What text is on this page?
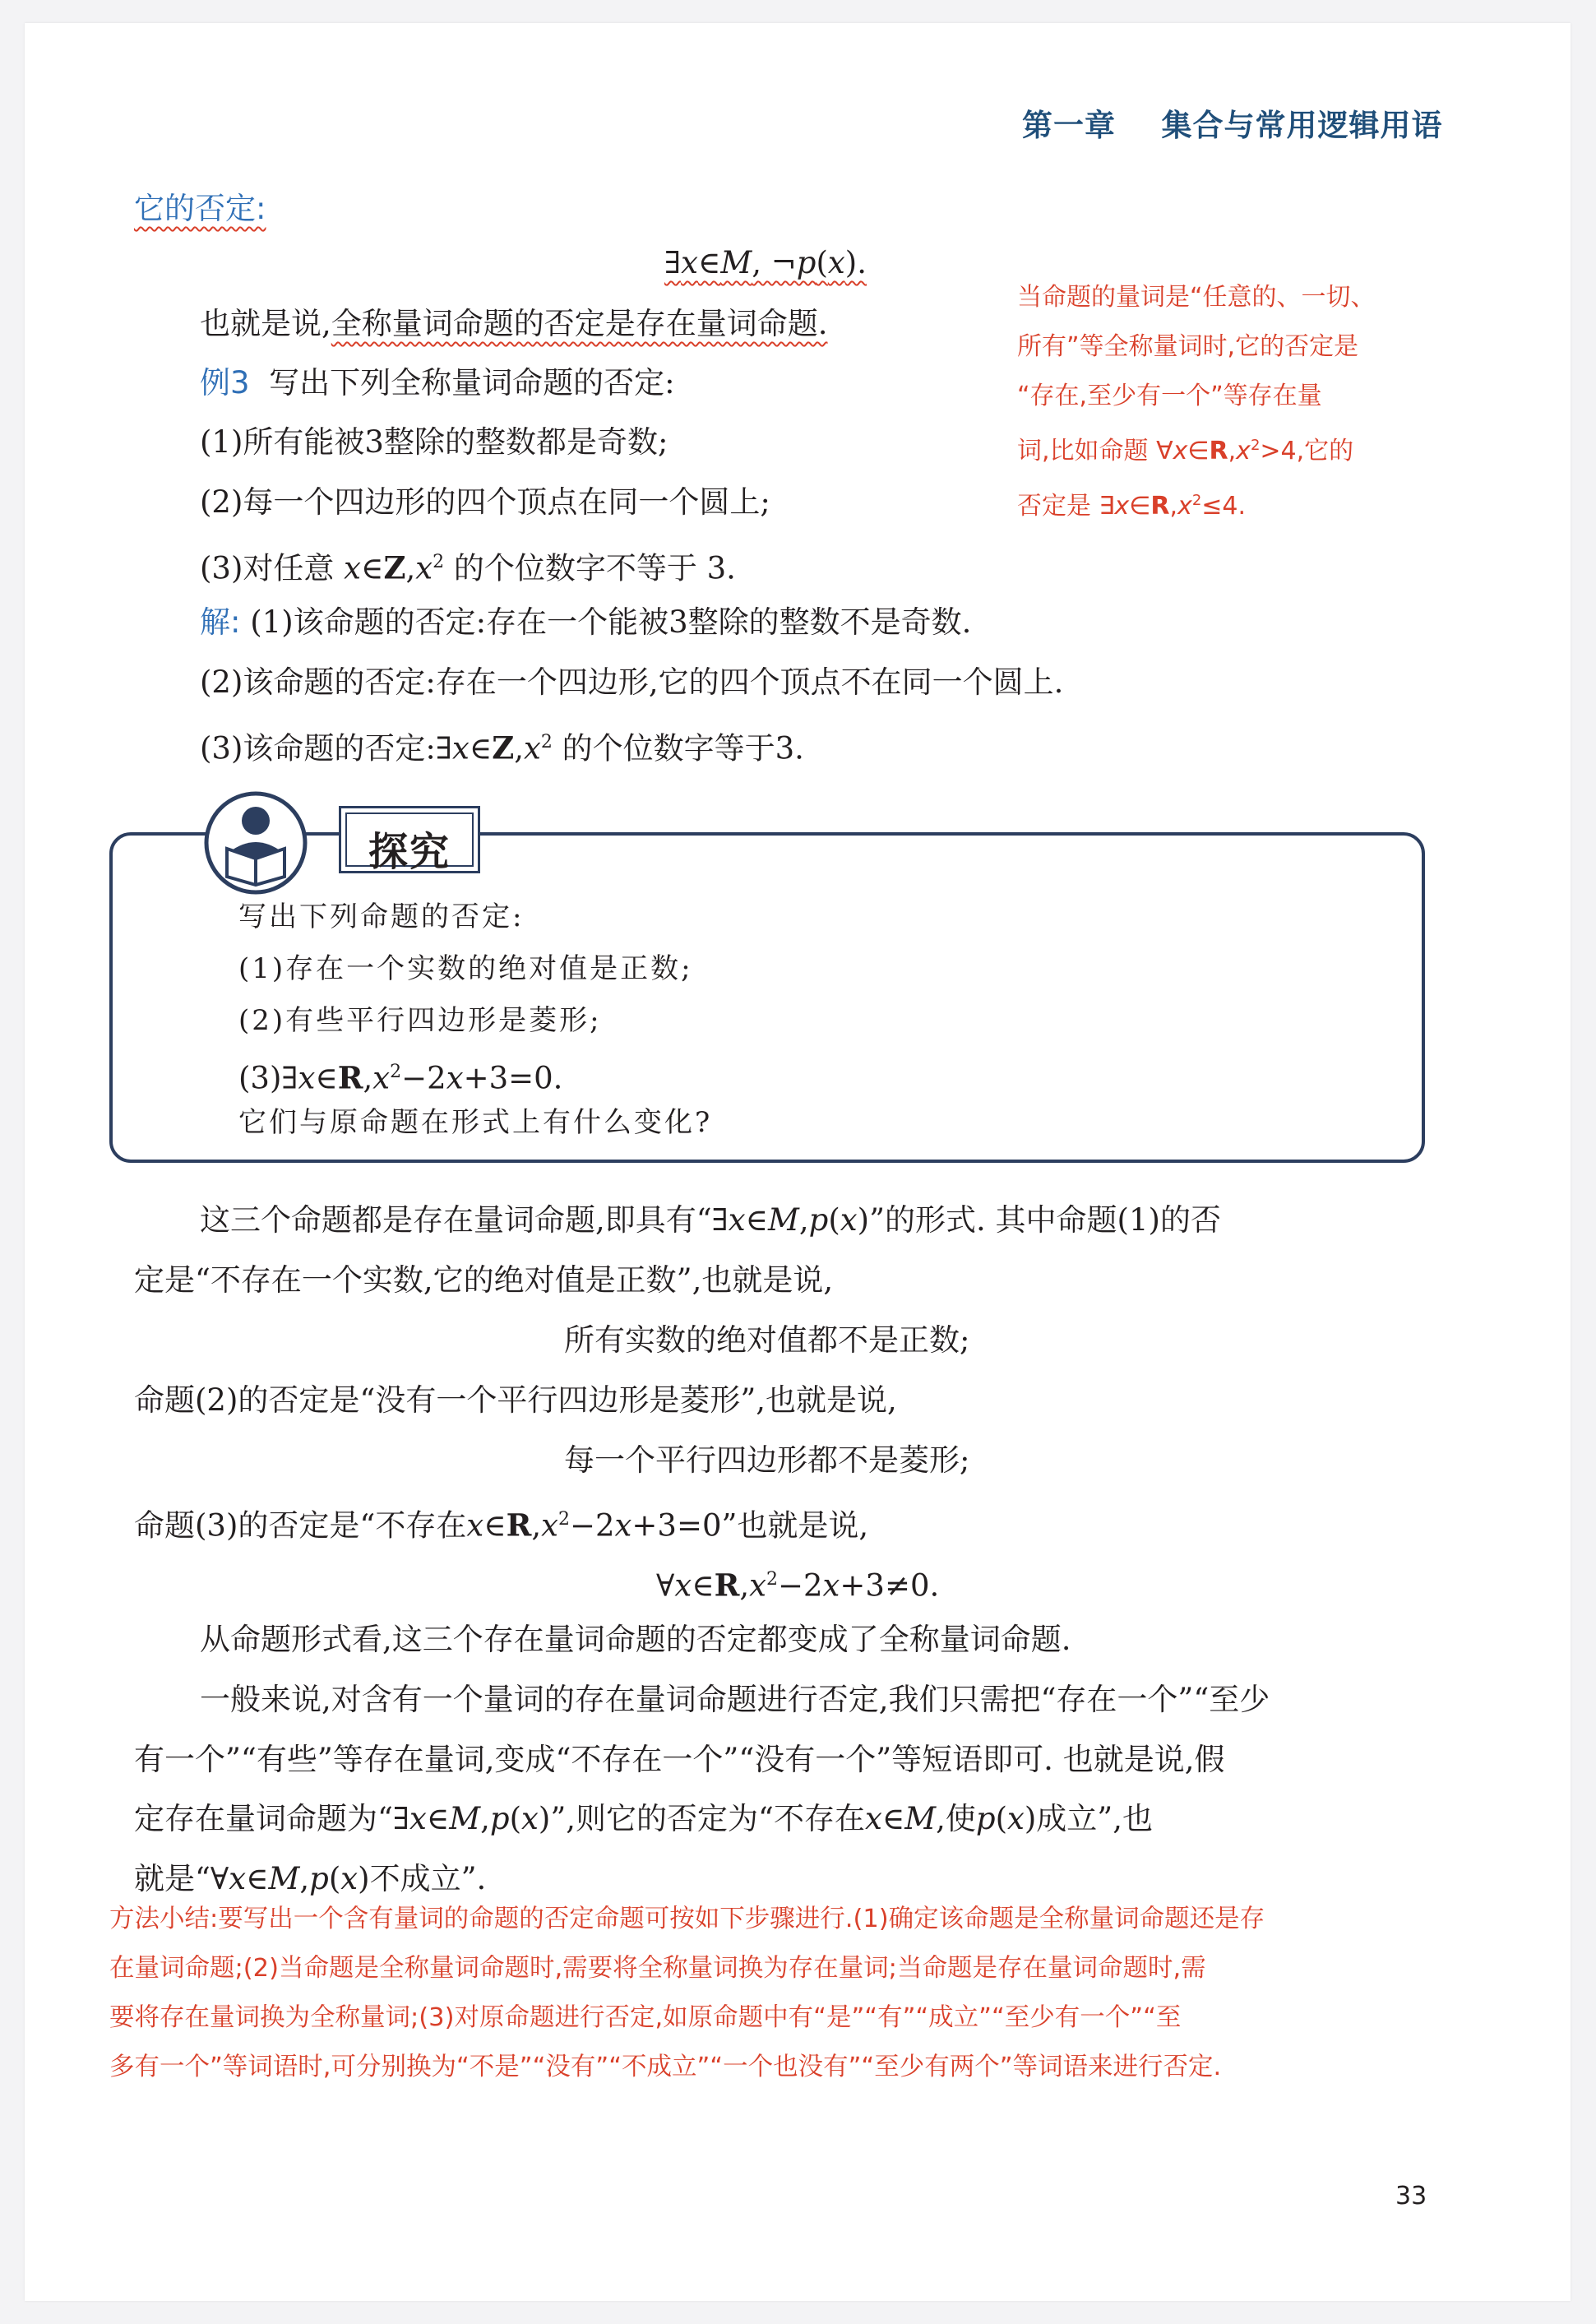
第一章 集合与常用逻辑用语
它的否定:
∃x∈M, ¬p(x).
也就是说,全称量词命题的否定是存在量词命题.

当命题的量词是“任意的、一切、

所有”等全称量词时,它的否定是

“存在,至少有一个”等存在量

词,比如命题 $\forall x\in R,x^2>4$,它的

否定是 $\exists x\in R,x^2\le 4$.

例3 写出下列全称量词命题的否定:
(1)所有能被3整除的整数都是奇数;
(2)每一个四边形的四个顶点在同一个圆上;
(3)对任意 $x\in Z,x^2$ 的个位数字不等于 3.
解: (1)该命题的否定:存在一个能被3整除的整数不是奇数.
(2)该命题的否定:存在一个四边形,它的四个顶点不在同一个圆上.
(3)该命题的否定$:\exists x\in Z,x^2$ 的个位数字等于3.
探究
写出下列命题的否定:
(1)存在一个实数的绝对值是正数;
(2)有些平行四边形是菱形;
$(3)\exists x\in R,x^2-2x+3=0$.
它们与原命题在形式上有什么变化?
这三个命题都是存在量词命题,即具有“∃x∈M,p(x)”的形式. 其中命题(1)的否
定是“不存在一个实数,它的绝对值是正数”,也就是说,
所有实数的绝对值都不是正数;
命题(2)的否定是“没有一个平行四边形是菱形”,也就是说,
每一个平行四边形都不是菱形;
命题(3)的否定是“不存在$x\in R,x^2-2x+3=0$”也就是说,
$\forall x\in R,x^2-2x+3\ne 0$.
从命题形式看,这三个存在量词命题的否定都变成了全称量词命题.
一般来说,对含有一个量词的存在量词命题进行否定,我们只需把“存在一个”“至少
有一个”“有些”等存在量词,变成“不存在一个”“没有一个”等短语即可. 也就是说,假
定存在量词命题为“∃x∈M,p(x)”,则它的否定为“不存在x∈M,使p(x)成立”,也
就是“∀x∈M,p(x)不成立”.

方法小结:要写出一个含有量词的命题的否定命题可按如下步骤进行.(1)确定该命题是全称量词命题还是存

在量词命题;(2)当命题是全称量词命题时,需要将全称量词换为存在量词;当命题是存在量词命题时,需

要将存在量词换为全称量词;(3)对原命题进行否定,如原命题中有“是”“有”“成立”“至少有一个”“至

多有一个”等词语时,可分别换为“不是”“没有”“不成立”“一个也没有”“至少有两个”等词语来进行否定.

33
